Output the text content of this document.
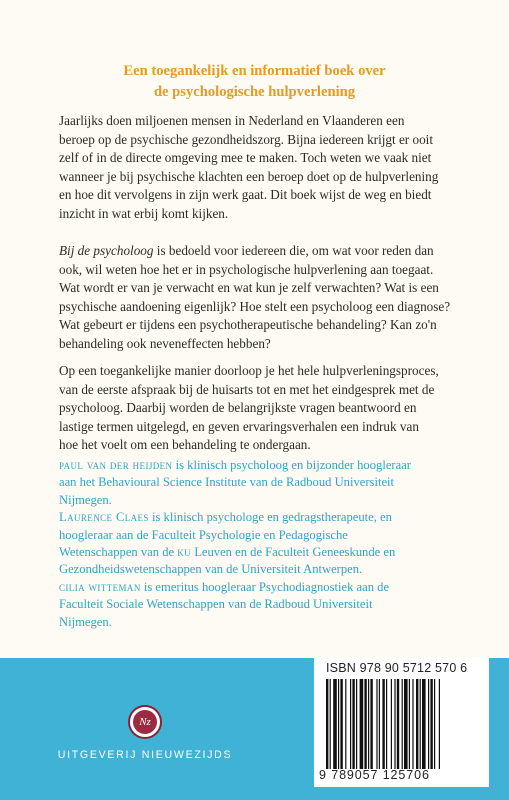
Een toegankelijk en informatief boek over
de psychologische hulpverlening
Jaarlijks doen miljoenen mensen in Nederland en Vlaanderen een
beroep op de psychische gezondheidszorg. Bijna iedereen krijgt er ooit
zelf of in de directe omgeving mee te maken. Toch weten we vaak niet
wanneer je bij psychische klachten een beroep doet op de hulpverlening
en hoe dit vervolgens in zijn werk gaat. Dit boek wijst de weg en biedt
inzicht in wat erbij komt kijken.
Bij de psycholoog is bedoeld voor iedereen die, om wat voor reden dan
ook, wil weten hoe het er in psychologische hulpverlening aan toegaat.
Wat wordt er van je verwacht en wat kun je zelf verwachten? Wat is een
psychische aandoening eigenlijk? Hoe stelt een psycholoog een diagnose?
Wat gebeurt er tijdens een psychotherapeutische behandeling? Kan zo'n
behandeling ook neveneffecten hebben?
Op een toegankelijke manier doorloop je het hele hulpverleningsproces,
van de eerste afspraak bij de huisarts tot en met het eindgesprek met de
psycholoog. Daarbij worden de belangrijkste vragen beantwoord en
lastige termen uitgelegd, en geven ervaringsverhalen een indruk van
hoe het voelt om een behandeling te ondergaan.
paul van der heijden is klinisch psycholoog en bijzonder hoogleraar
aan het Behavioural Science Institute van de Radboud Universiteit
Nijmegen.
Laurence Claes is klinisch psychologe en gedragstherapeute, en
hoogleraar aan de Faculteit Psychologie en Pedagogische
Wetenschappen van de ku Leuven en de Faculteit Geneeskunde en
Gezondheidswetenschappen van de Universiteit Antwerpen.
cilia witteman is emeritus hoogleraar Psychodiagnostiek aan de
Faculteit Sociale Wetenschappen van de Radboud Universiteit
Nijmegen.
Nz
UITGEVERIJ NIEUWEZIJDS
ISBN 978 90 5712 570 6
9 789057 125706
